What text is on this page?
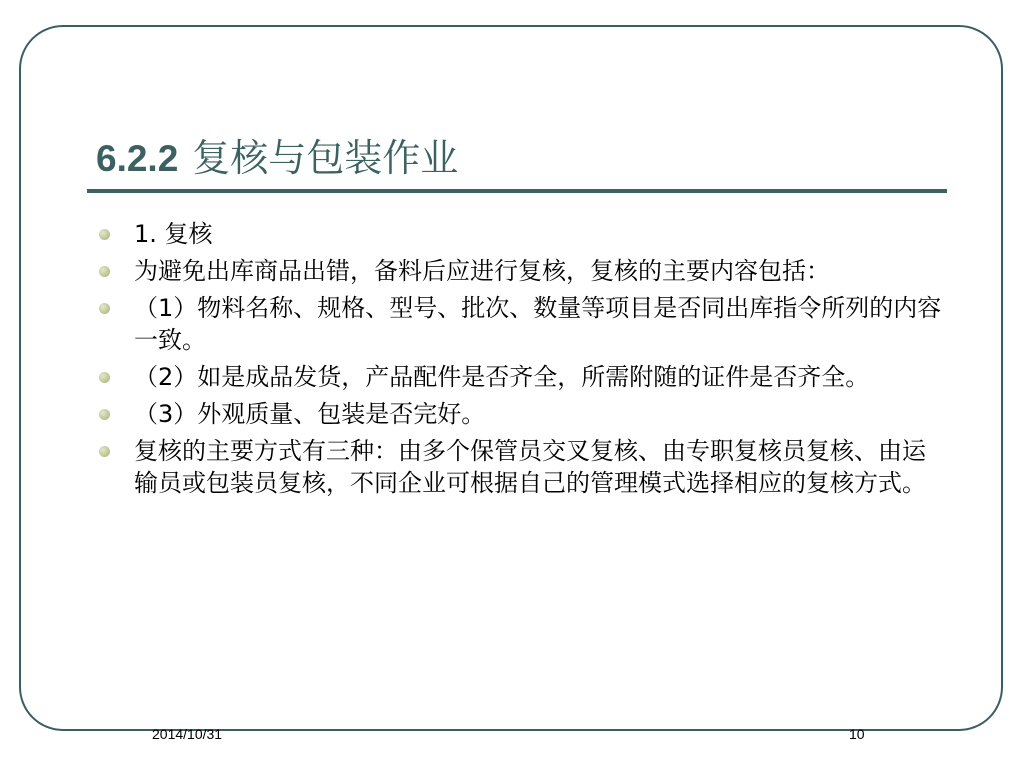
6.2.2 复核与包装作业
1. 复核
为避免出库商品出错，备料后应进行复核，复核的主要内容包括：
（1）物料名称、规格、型号、批次、数量等项目是否同出库指令所列的内容一致。
（2）如是成品发货，产品配件是否齐全，所需附随的证件是否齐全。
（3）外观质量、包装是否完好。
复核的主要方式有三种：由多个保管员交叉复核、由专职复核员复核、由运输员或包装员复核，不同企业可根据自己的管理模式选择相应的复核方式。
2014/10/31	10
